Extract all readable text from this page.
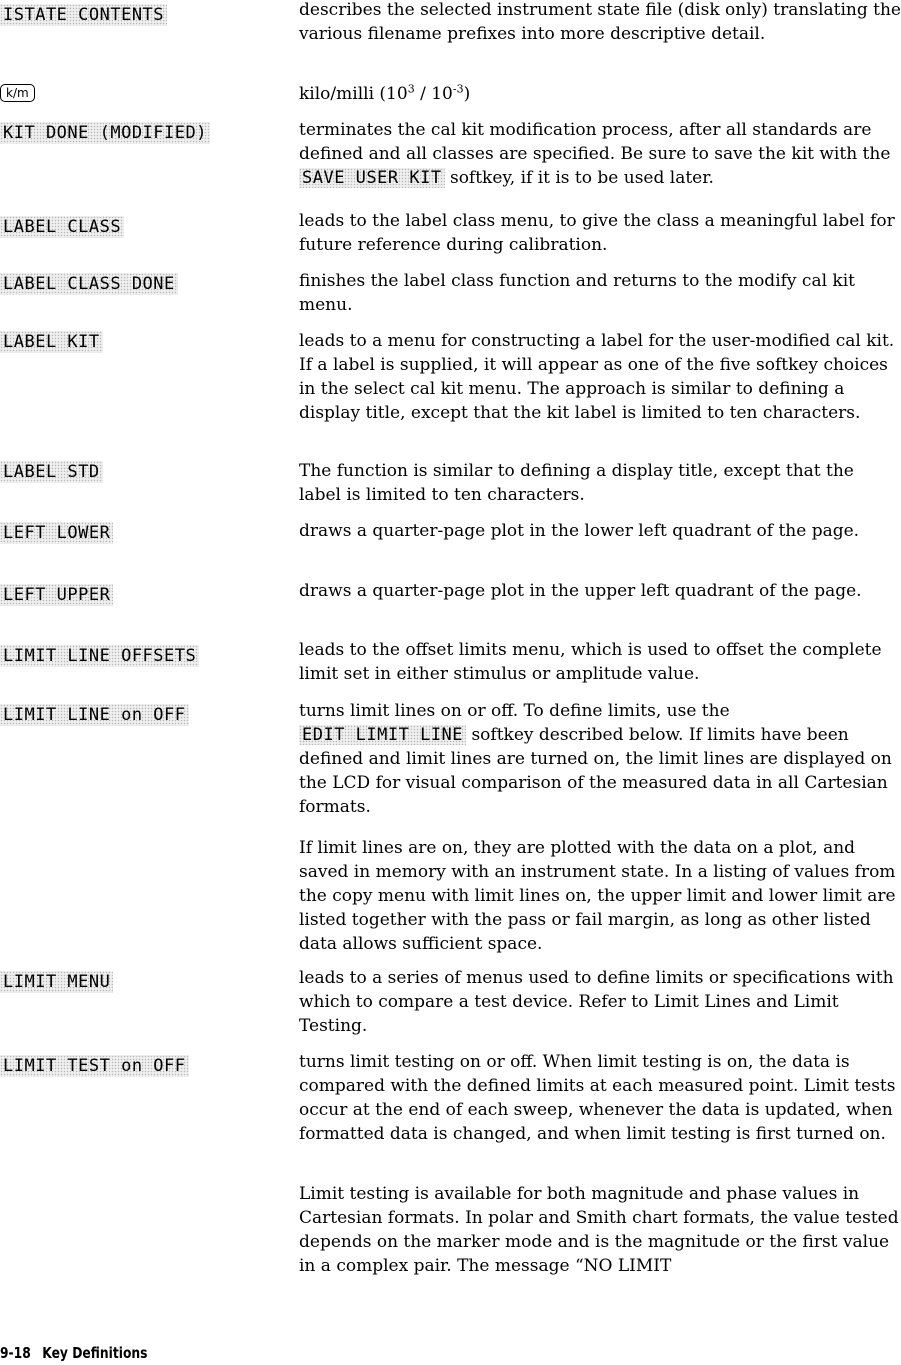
ISTATE CONTENTS	describes the selected instrument state file (disk only) translating the various filename prefixes into more descriptive detail.

k/m	kilo/milli $(10^3 / 10^{-3})$

KIT DONE (MODIFIED)	terminates the cal kit modification process, after all standards are defined and all classes are specified. Be sure to save the kit with the SAVE USER KIT softkey, if it is to be used later.

LABEL CLASS	leads to the label class menu, to give the class a meaningful label for future reference during calibration.

LABEL CLASS DONE	finishes the label class function and returns to the modify cal kit menu.

LABEL KIT	leads to a menu for constructing a label for the user-modified cal kit. If a label is supplied, it will appear as one of the five softkey choices in the select cal kit menu. The approach is similar to defining a display title, except that the kit label is limited to ten characters.

LABEL STD	The function is similar to defining a display title, except that the label is limited to ten characters.

LEFT LOWER	draws a quarter-page plot in the lower left quadrant of the page.

LEFT UPPER	draws a quarter-page plot in the upper left quadrant of the page.

LIMIT LINE OFFSETS	leads to the offset limits menu, which is used to offset the complete limit set in either stimulus or amplitude value.

LIMIT LINE on OFF	turns limit lines on or off. To define limits, use the EDIT LIMIT LINE softkey described below. If limits have been defined and limit lines are turned on, the limit lines are displayed on the LCD for visual comparison of the measured data in all Cartesian formats.

If limit lines are on, they are plotted with the data on a plot, and saved in memory with an instrument state. In a listing of values from the copy menu with limit lines on, the upper limit and lower limit are listed together with the pass or fail margin, as long as other listed data allows sufficient space.

LIMIT MENU	leads to a series of menus used to define limits or specifications with which to compare a test device. Refer to Limit Lines and Limit Testing.

LIMIT TEST on OFF	turns limit testing on or off. When limit testing is on, the data is compared with the defined limits at each measured point. Limit tests occur at the end of each sweep, whenever the data is updated, when formatted data is changed, and when limit testing is first turned on.

Limit testing is available for both magnitude and phase values in Cartesian formats. In polar and Smith chart formats, the value tested depends on the marker mode and is the magnitude or the first value in a complex pair. The message “NO LIMIT

9-18 Key Definitions
